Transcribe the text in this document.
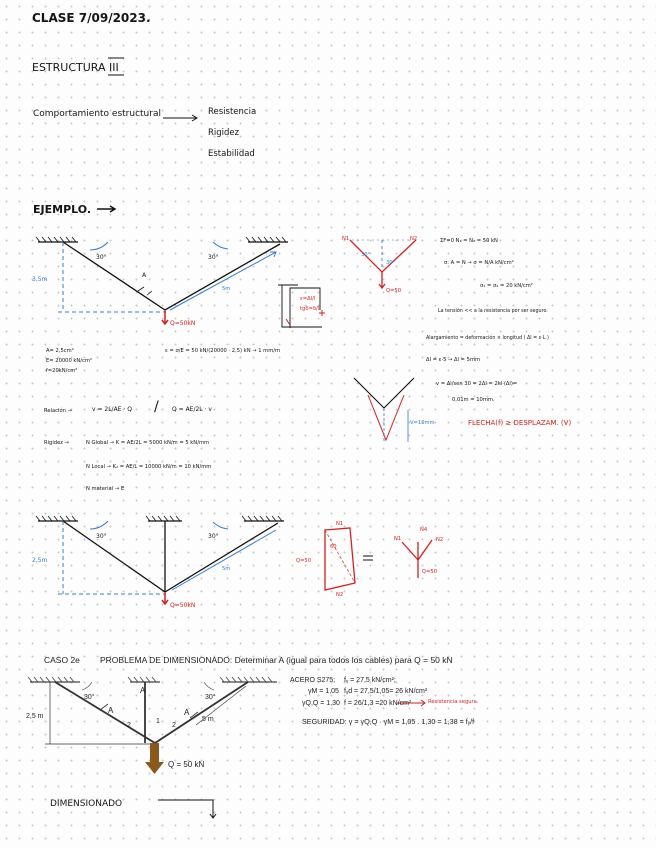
CLASE 7/09/2023.
ESTRUCTURA III
Comportamiento estructural	Resistencia
Rigidez
Estabilidad
EJEMPLO.
3,5m
30°	30°
A
5m
Q=50kN
ε=Δl/l
tgδ=δ/l
N1	N2
Q=50
30°
30°
ΣF=0 N₁ = N₂ = 50 kN
σ: A = N → σ = N/A kN/cm²
σ₁ = σ₂ = 20 kN/cm²
La tensión << a la resistencia por ser seguro.
Alargamiento = deformación × longitud ( Δl = ε·L )
Δl = ε·5 → Δl = 5mm
v = Δl/sen 30 = 2Δl = 2kl·(Δl)=
0,01m = 10mm.
FLECHA(f) ≥ DESPLAZAM. (V)
V=10mm
A= 2,5cm²
E= 20000 kN/cm²
f=20kN/cm²
ε = σ/E = 50 kN/(20000 · 2,5) kN → 1 mm/m
Relación →	v = 2L/AE · Q / Q = AE/2L · v
Rigidez →	N Global → K = AE/2L = 5000 kN/m = 5 kN/mm
N Local → K₂ = AE/L = 10000 kN/m = 10 kN/mm
N material → E
2,5m
30°	30°
5m
Q=50kN
N1
N2
Q=50
60
N1	N2
N4
Q=50
CASO 2e PROBLEMA DE DIMENSIONADO: Determinar A (igual para todos los cables) para Q = 50 kN
ACERO S275; fᵧ = 27,5 kN/cm²;
γM = 1,05 fᵧd = 27,5/1,05= 26 kN/cm²
γQ,Q = 1,30 f = 26/1,3 =20 kN/cm²	Resistencia segura.
SEGURIDAD: γ = γQ,Q · γM = 1,05 . 1,30 = 1,38 = fᵧ/f
30°	30°
A
A	A
1
2	2
5 m
2,5 m
Q = 50 kN
DIMENSIONADO
